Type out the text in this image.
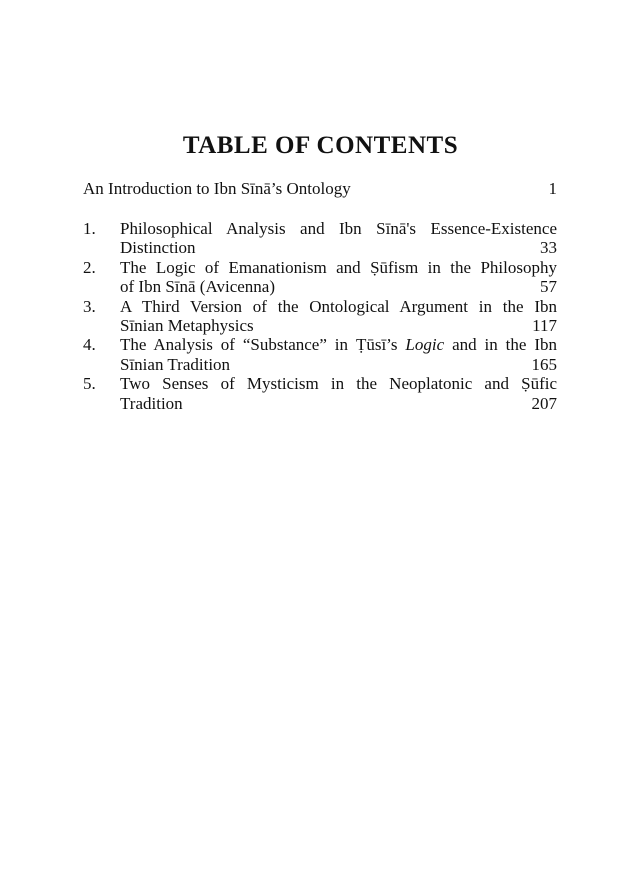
TABLE OF CONTENTS
An Introduction to Ibn Sīnā’s Ontology	1
1. Philosophical Analysis and Ibn Sīnā's Essence-Existence
Distinction	33
2. The Logic of Emanationism and Ṣūfism in the Philosophy
of Ibn Sīnā (Avicenna)	57
3. A Third Version of the Ontological Argument in the Ibn
Sīnian Metaphysics	117
4. The Analysis of “Substance” in Ṭūsī’s Logic and in the Ibn
Sīnian Tradition	165
5. Two Senses of Mysticism in the Neoplatonic and Ṣūfic
Tradition	207
